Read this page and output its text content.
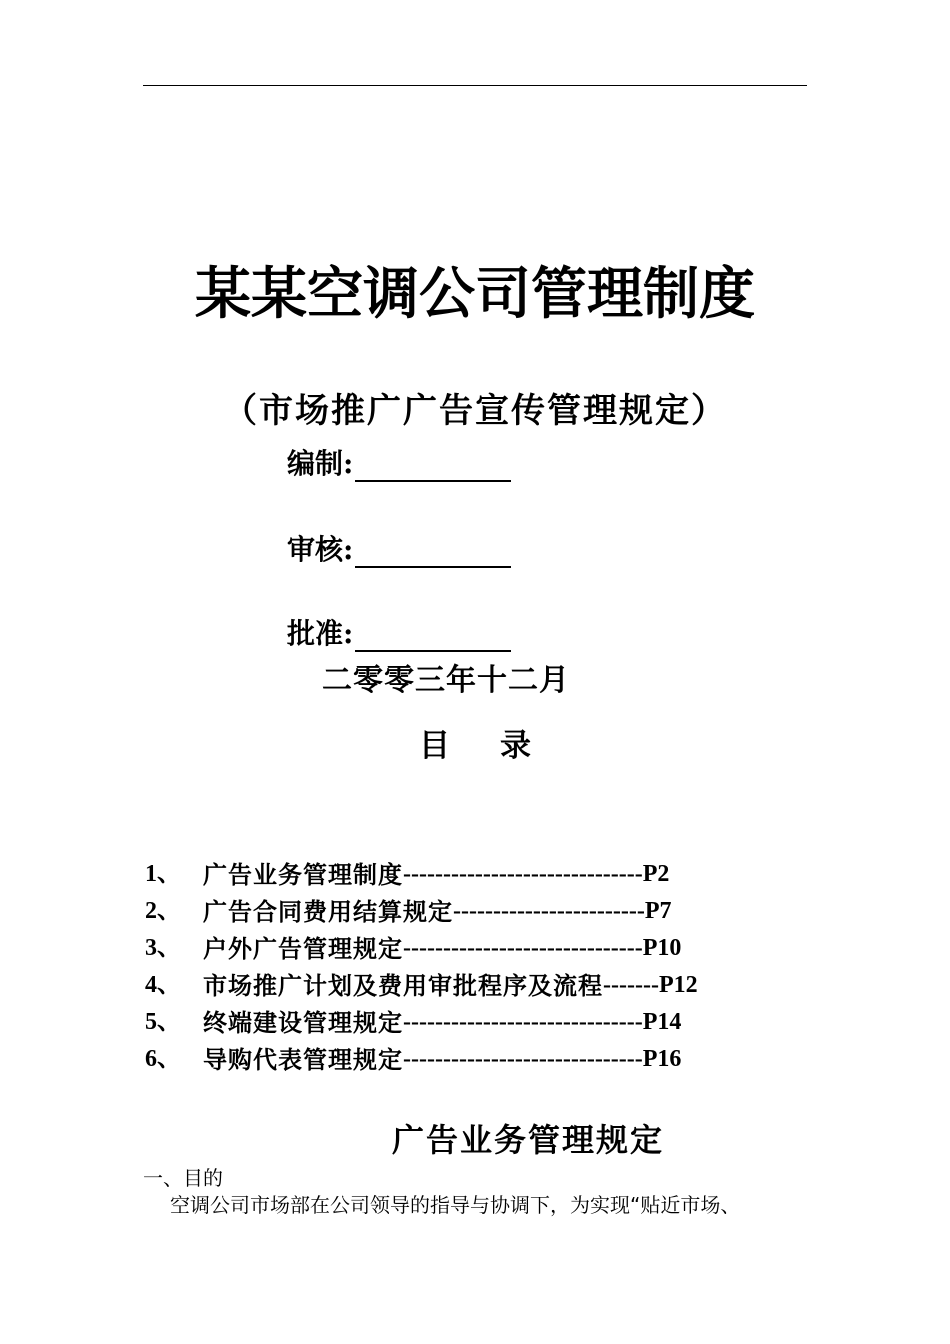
某某空调公司管理制度
（市场推广广告宣传管理规定）
编制:
审核:
批准:
二零零三年十二月
目录
1、 广告业务管理制度 ------------------------------ P2
2、 广告合同费用结算规定 ------------------------ P7
3、 户外广告管理规定 ------------------------------ P10
4、 市场推广计划及费用审批程序及流程 ------- P12
5、 终端建设管理规定 ------------------------------ P14
6、 导购代表管理规定 ------------------------------ P16
广告业务管理规定
一、目的
空调公司市场部在公司领导的指导与协调下，为实现“贴近市场、
